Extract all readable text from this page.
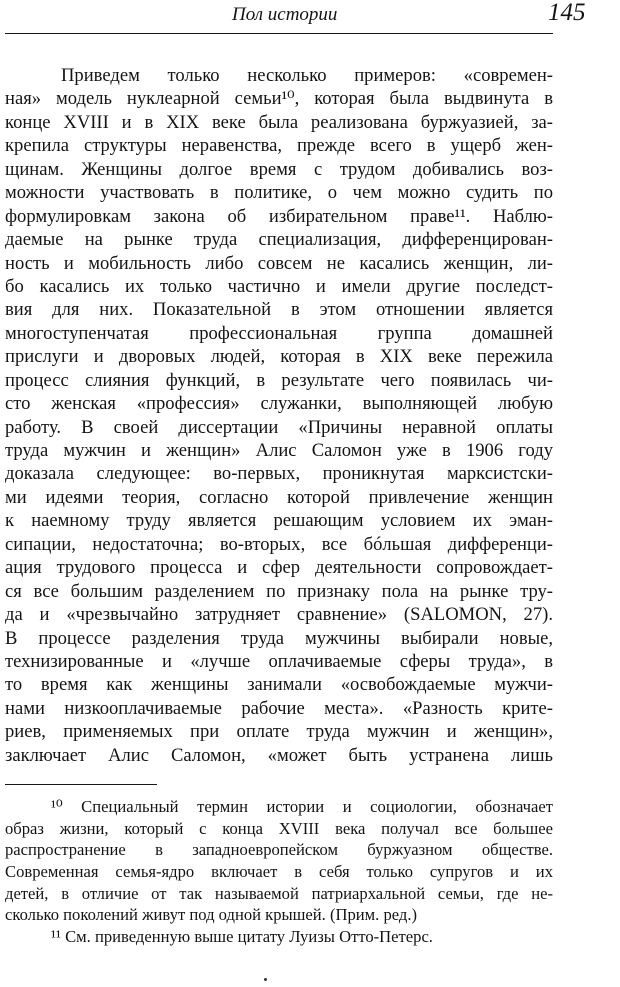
Пол истории	145
Приведем только несколько примеров: «современ-
ная» модель нуклеарной семьи¹⁰, которая была выдвинута в
конце XVIII и в XIX веке была реализована буржуазией, за-
крепила структуры неравенства, прежде всего в ущерб жен-
щинам. Женщины долгое время с трудом добивались воз-
можности участвовать в политике, о чем можно судить по
формулировкам закона об избирательном праве¹¹. Наблю-
даемые на рынке труда специализация, дифференцирован-
ность и мобильность либо совсем не касались женщин, ли-
бо касались их только частично и имели другие последст-
вия для них. Показательной в этом отношении является
многоступенчатая профессиональная группа домашней
прислуги и дворовых людей, которая в XIX веке пережила
процесс слияния функций, в результате чего появилась чи-
сто женская «профессия» служанки, выполняющей любую
работу. В своей диссертации «Причины неравной оплаты
труда мужчин и женщин» Алис Саломон уже в 1906 году
доказала следующее: во-первых, проникнутая марксистски-
ми идеями теория, согласно которой привлечение женщин
к наемному труду является решающим условием их эман-
сипации, недостаточна; во-вторых, все бóльшая дифференци-
ация трудового процесса и сфер деятельности сопровождает-
ся все большим разделением по признаку пола на рынке тру-
да и «чрезвычайно затрудняет сравнение» (SALOMON, 27).
В процессе разделения труда мужчины выбирали новые,
технизированные и «лучше оплачиваемые сферы труда», в
то время как женщины занимали «освобождаемые мужчи-
нами низкооплачиваемые рабочие места». «Разность крите-
риев, применяемых при оплате труда мужчин и женщин»,
заключает Алис Саломон, «может быть устранена лишь
¹⁰ Специальный термин истории и социологии, обозначает
образ жизни, который с конца XVIII века получал все большее
распространение в западноевропейском буржуазном обществе.
Современная семья-ядро включает в себя только супругов и их
детей, в отличие от так называемой патриархальной семьи, где не-
сколько поколений живут под одной крышей. (Прим. ред.)
¹¹ См. приведенную выше цитату Луизы Отто-Петерс.
